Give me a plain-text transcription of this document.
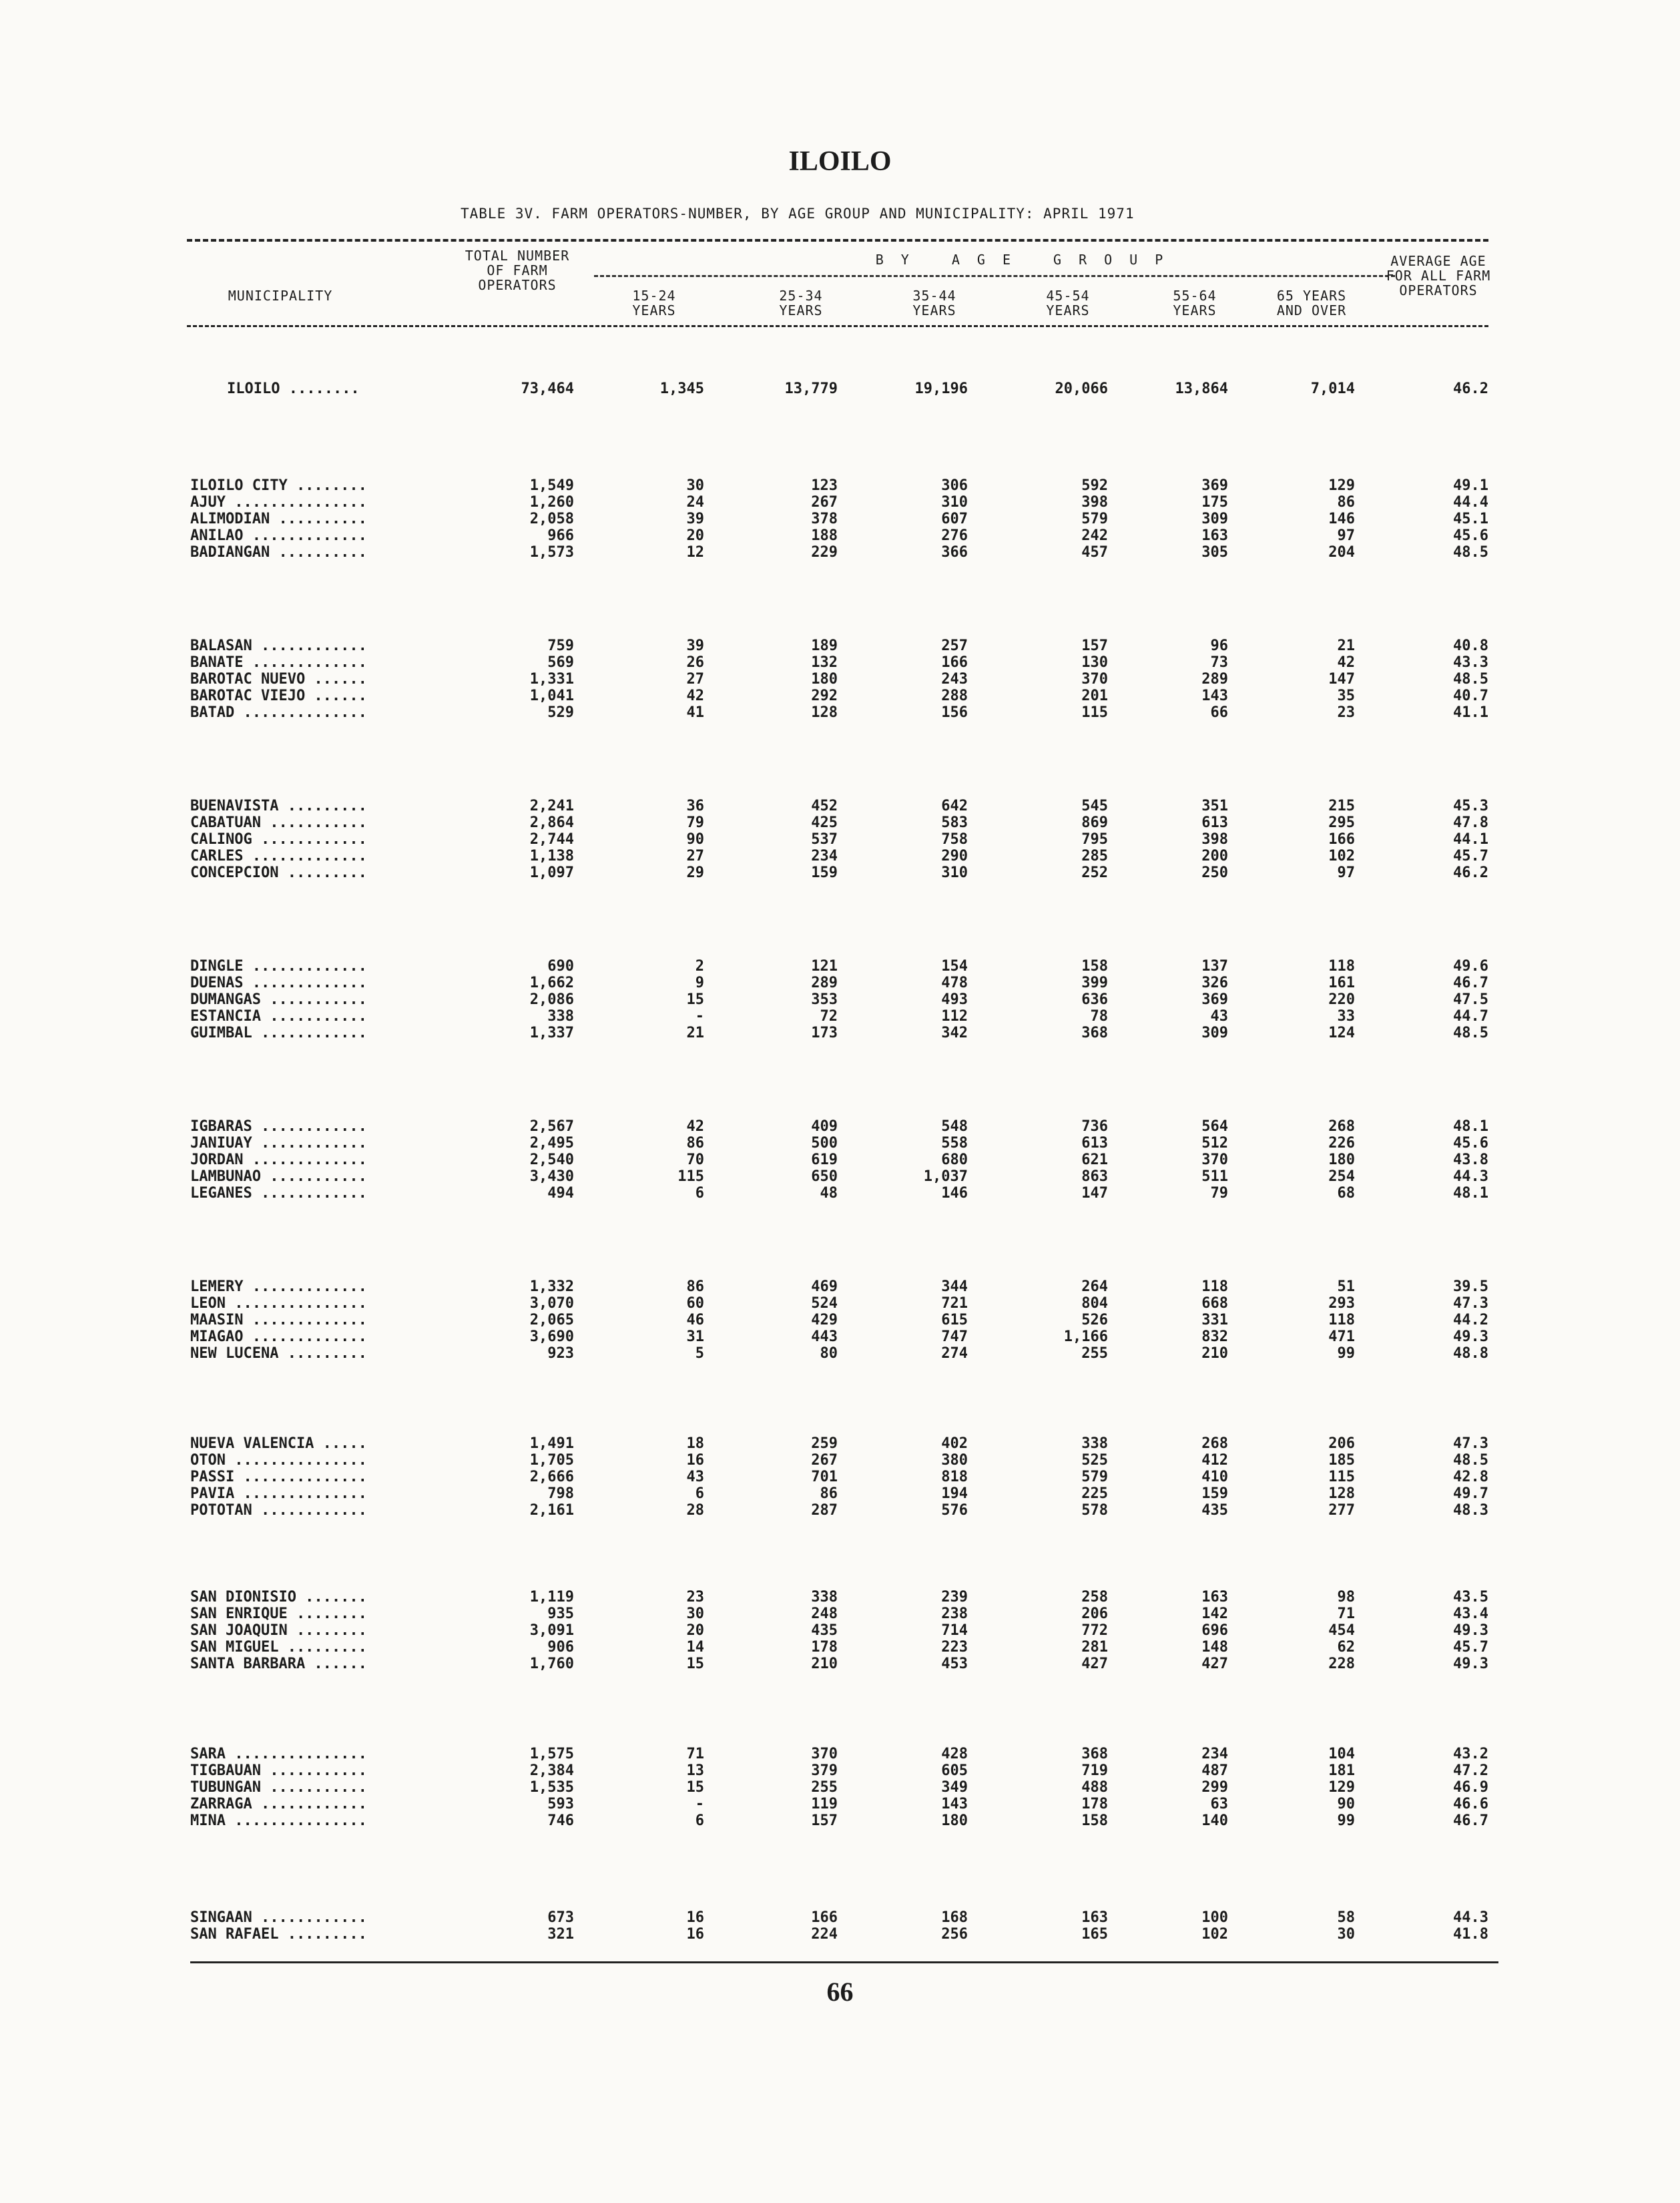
ILOILO
TABLE 3V. FARM OPERATORS-NUMBER, BY AGE GROUP AND MUNICIPALITY: APRIL 1971
MUNICIPALITY
TOTAL NUMBER OF FARM OPERATORS
BY AGE GROUP
15-24 YEARS
25-34 YEARS
35-44 YEARS
45-54 YEARS
55-64 YEARS
65 YEARS AND OVER
AVERAGE AGE FOR ALL FARM OPERATORS
ILOILO ........	73,464	1,345	13,779	19,196	20,066	13,864	7,014	46.2
ILOILO CITY ........	1,549	30	123	306	592	369	129	49.1
AJUY ...............	1,260	24	267	310	398	175	86	44.4
ALIMODIAN ..........	2,058	39	378	607	579	309	146	45.1
ANILAO .............	966	20	188	276	242	163	97	45.6
BADIANGAN ..........	1,573	12	229	366	457	305	204	48.5
BALASAN ............	759	39	189	257	157	96	21	40.8
BANATE .............	569	26	132	166	130	73	42	43.3
BAROTAC NUEVO ......	1,331	27	180	243	370	289	147	48.5
BAROTAC VIEJO ......	1,041	42	292	288	201	143	35	40.7
BATAD ..............	529	41	128	156	115	66	23	41.1
BUENAVISTA .........	2,241	36	452	642	545	351	215	45.3
CABATUAN ...........	2,864	79	425	583	869	613	295	47.8
CALINOG ............	2,744	90	537	758	795	398	166	44.1
CARLES .............	1,138	27	234	290	285	200	102	45.7
CONCEPCION .........	1,097	29	159	310	252	250	97	46.2
DINGLE .............	690	2	121	154	158	137	118	49.6
DUENAS .............	1,662	9	289	478	399	326	161	46.7
DUMANGAS ...........	2,086	15	353	493	636	369	220	47.5
ESTANCIA ...........	338	-	72	112	78	43	33	44.7
GUIMBAL ............	1,337	21	173	342	368	309	124	48.5
IGBARAS ............	2,567	42	409	548	736	564	268	48.1
JANIUAY ............	2,495	86	500	558	613	512	226	45.6
JORDAN .............	2,540	70	619	680	621	370	180	43.8
LAMBUNAO ...........	3,430	115	650	1,037	863	511	254	44.3
LEGANES ............	494	6	48	146	147	79	68	48.1
LEMERY .............	1,332	86	469	344	264	118	51	39.5
LEON ...............	3,070	60	524	721	804	668	293	47.3
MAASIN .............	2,065	46	429	615	526	331	118	44.2
MIAGAO .............	3,690	31	443	747	1,166	832	471	49.3
NEW LUCENA .........	923	5	80	274	255	210	99	48.8
NUEVA VALENCIA .....	1,491	18	259	402	338	268	206	47.3
OTON ...............	1,705	16	267	380	525	412	185	48.5
PASSI ..............	2,666	43	701	818	579	410	115	42.8
PAVIA ..............	798	6	86	194	225	159	128	49.7
POTOTAN ............	2,161	28	287	576	578	435	277	48.3
SAN DIONISIO .......	1,119	23	338	239	258	163	98	43.5
SAN ENRIQUE ........	935	30	248	238	206	142	71	43.4
SAN JOAQUIN ........	3,091	20	435	714	772	696	454	49.3
SAN MIGUEL .........	906	14	178	223	281	148	62	45.7
SANTA BARBARA ......	1,760	15	210	453	427	427	228	49.3
SARA ...............	1,575	71	370	428	368	234	104	43.2
TIGBAUAN ...........	2,384	13	379	605	719	487	181	47.2
TUBUNGAN ...........	1,535	15	255	349	488	299	129	46.9
ZARRAGA ............	593	-	119	143	178	63	90	46.6
MINA ...............	746	6	157	180	158	140	99	46.7
SINGAAN ............	673	16	166	168	163	100	58	44.3
SAN RAFAEL .........	321	16	224	256	165	102	30	41.8
66
